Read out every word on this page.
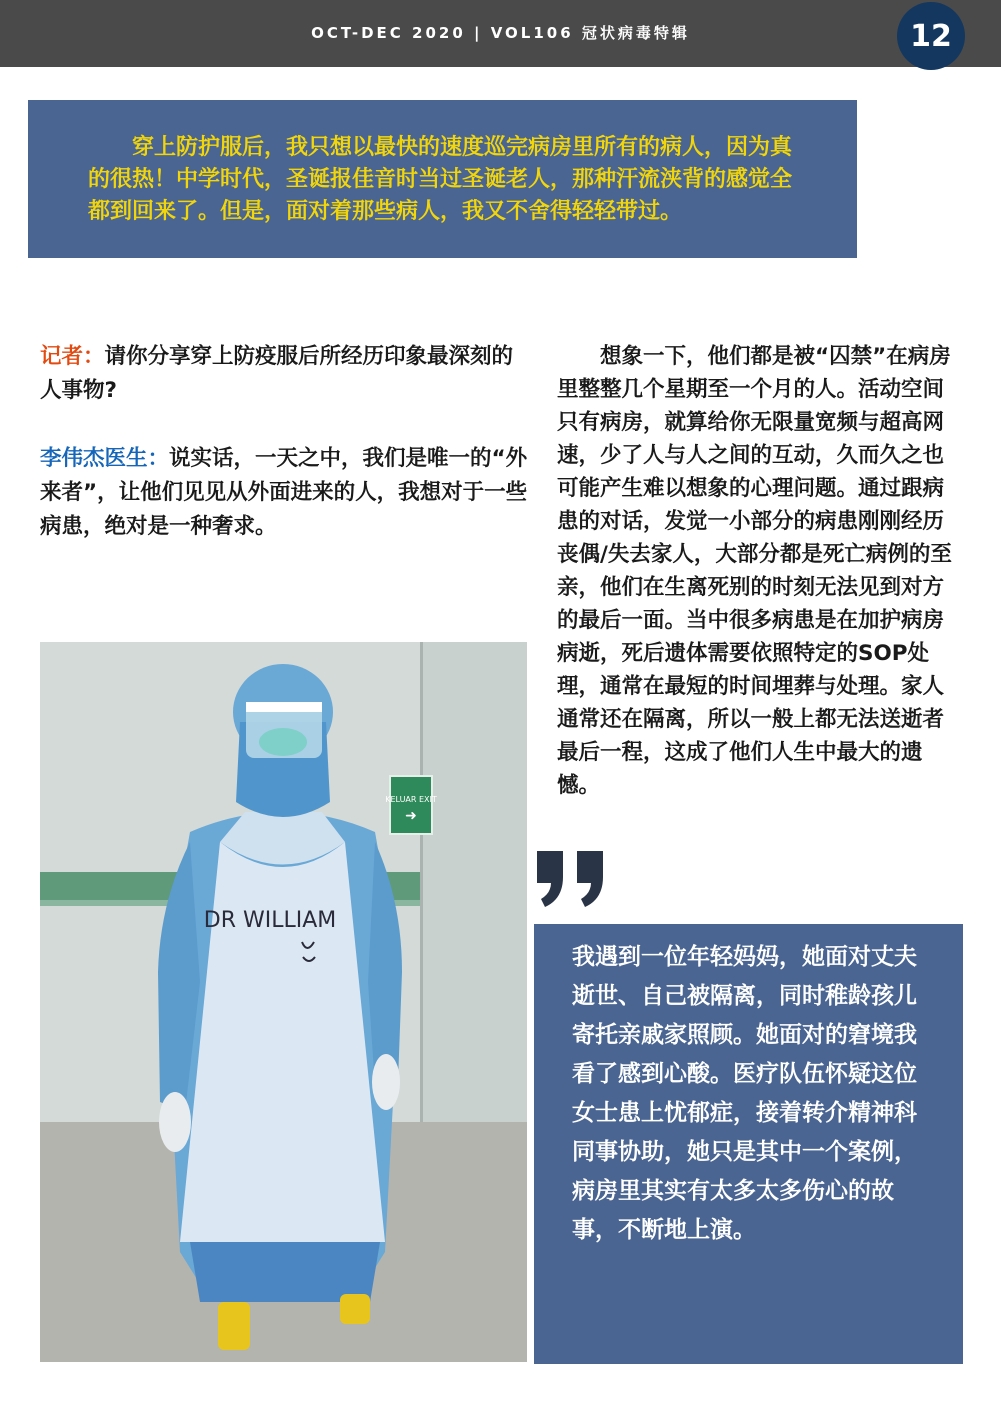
OCT-DEC 2020 | VOL106 冠状病毒特辑	12

穿上防护服后，我只想以最快的速度巡完病房里所有的病人，因为真的很热！中学时代，圣诞报佳音时当过圣诞老人，那种汗流浃背的感觉全都到回来了。但是，面对着那些病人，我又不舍得轻轻带过。

记者：请你分享穿上防疫服后所经历印象最深刻的人事物?

李伟杰医生：说实话，一天之中，我们是唯一的“外来者”，让他们见见从外面进来的人，我想对于一些病患，绝对是一种奢求。

KELUAR EXIT
➜
DR WILLIAM

想象一下，他们都是被“囚禁”在病房里整整几个星期至一个月的人。活动空间只有病房，就算给你无限量宽频与超高网速，少了人与人之间的互动，久而久之也可能产生难以想象的心理问题。通过跟病患的对话，发觉一小部分的病患刚刚经历丧偶/失去家人，大部分都是死亡病例的至亲，他们在生离死别的时刻无法见到对方的最后一面。当中很多病患是在加护病房病逝，死后遗体需要依照特定的SOP处理，通常在最短的时间埋葬与处理。家人通常还在隔离，所以一般上都无法送逝者最后一程，这成了他们人生中最大的遗憾。

我遇到一位年轻妈妈，她面对丈夫逝世、自己被隔离，同时稚龄孩儿寄托亲戚家照顾。她面对的窘境我看了感到心酸。医疗队伍怀疑这位女士患上忧郁症，接着转介精神科同事协助，她只是其中一个案例，病房里其实有太多太多伤心的故事，不断地上演。
